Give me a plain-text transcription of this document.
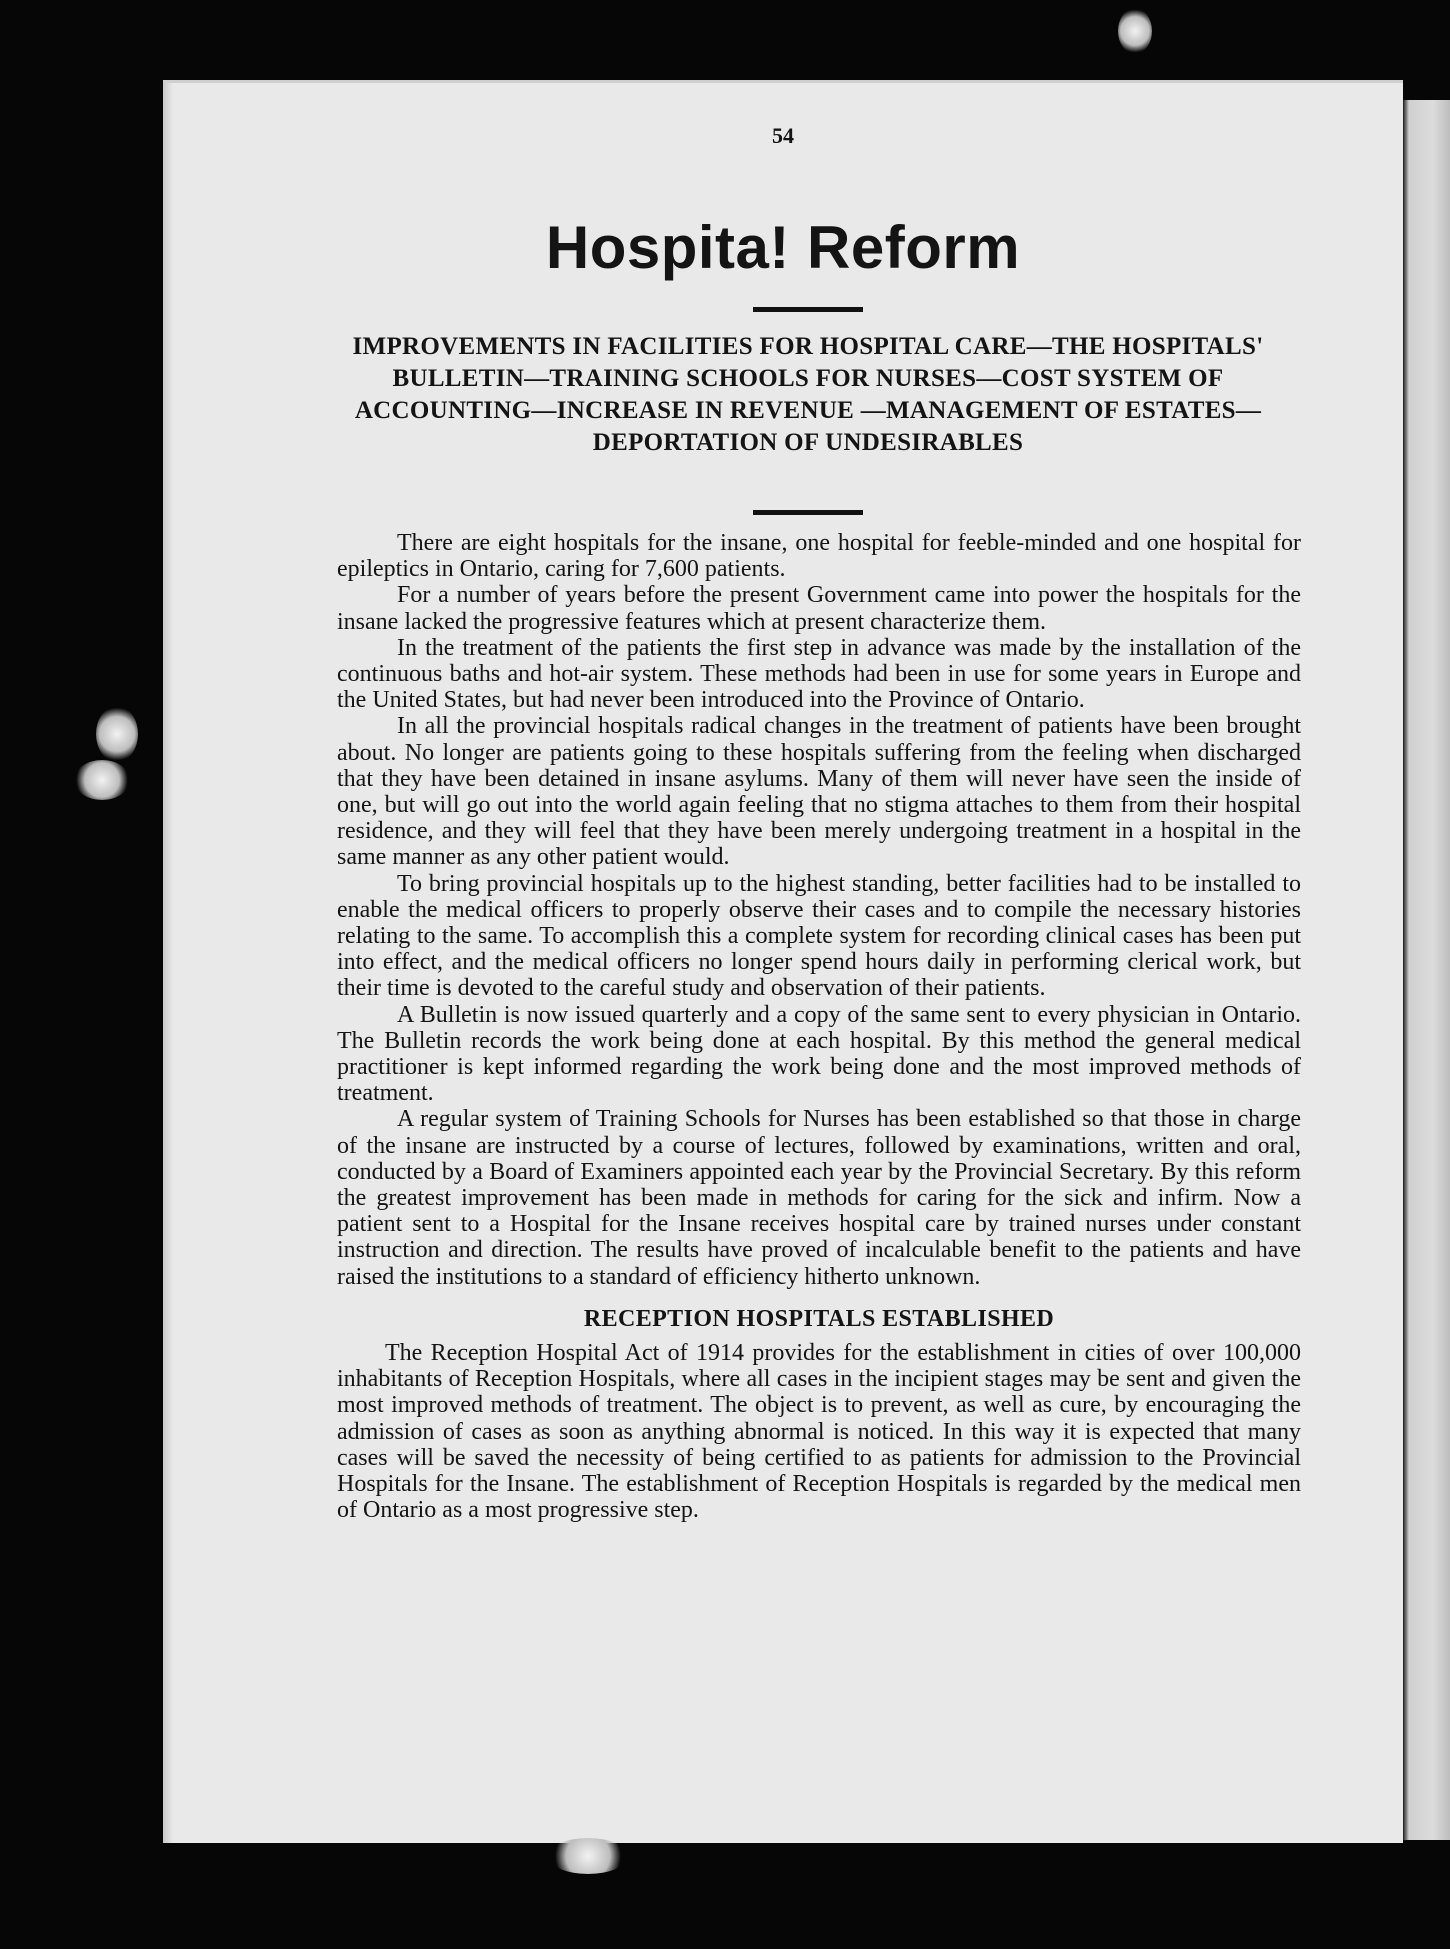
54
Hospita! Reform
IMPROVEMENTS IN FACILITIES FOR HOSPITAL CARE—THE HOSPITALS' BULLETIN—TRAINING SCHOOLS FOR NURSES—COST SYSTEM OF ACCOUNTING—INCREASE IN REVENUE —MANAGEMENT OF ESTATES—DEPORTATION OF UNDESIRABLES

There are eight hospitals for the insane, one hospital for feeble-minded and one hospital for epileptics in Ontario, caring for 7,600 patients.

For a number of years before the present Government came into power the hospitals for the insane lacked the progressive features which at present characterize them.

In the treatment of the patients the first step in advance was made by the installation of the continuous baths and hot-air system. These methods had been in use for some years in Europe and the United States, but had never been introduced into the Province of Ontario.

In all the provincial hospitals radical changes in the treatment of patients have been brought about. No longer are patients going to these hospitals suffering from the feeling when discharged that they have been detained in insane asylums. Many of them will never have seen the inside of one, but will go out into the world again feeling that no stigma attaches to them from their hospital residence, and they will feel that they have been merely undergoing treatment in a hospital in the same manner as any other patient would.

To bring provincial hospitals up to the highest standing, better facilities had to be installed to enable the medical officers to properly observe their cases and to compile the necessary histories relating to the same. To accomplish this a complete system for recording clinical cases has been put into effect, and the medical officers no longer spend hours daily in performing clerical work, but their time is devoted to the careful study and observation of their patients.

A Bulletin is now issued quarterly and a copy of the same sent to every physician in Ontario. The Bulletin records the work being done at each hospital. By this method the general medical practitioner is kept informed regarding the work being done and the most improved methods of treatment.

A regular system of Training Schools for Nurses has been established so that those in charge of the insane are instructed by a course of lectures, followed by examinations, written and oral, conducted by a Board of Examiners appointed each year by the Provincial Secretary. By this reform the greatest improvement has been made in methods for caring for the sick and infirm. Now a patient sent to a Hospital for the Insane receives hospital care by trained nurses under constant instruction and direction. The results have proved of incalculable benefit to the patients and have raised the institutions to a standard of efficiency hitherto unknown.

RECEPTION HOSPITALS ESTABLISHED

The Reception Hospital Act of 1914 provides for the establishment in cities of over 100,000 inhabitants of Reception Hospitals, where all cases in the incipient stages may be sent and given the most improved methods of treatment. The object is to prevent, as well as cure, by encouraging the admission of cases as soon as anything abnormal is noticed. In this way it is expected that many cases will be saved the necessity of being certified to as patients for admission to the Provincial Hospitals for the Insane. The establishment of Reception Hospitals is regarded by the medical men of Ontario as a most progressive step.
